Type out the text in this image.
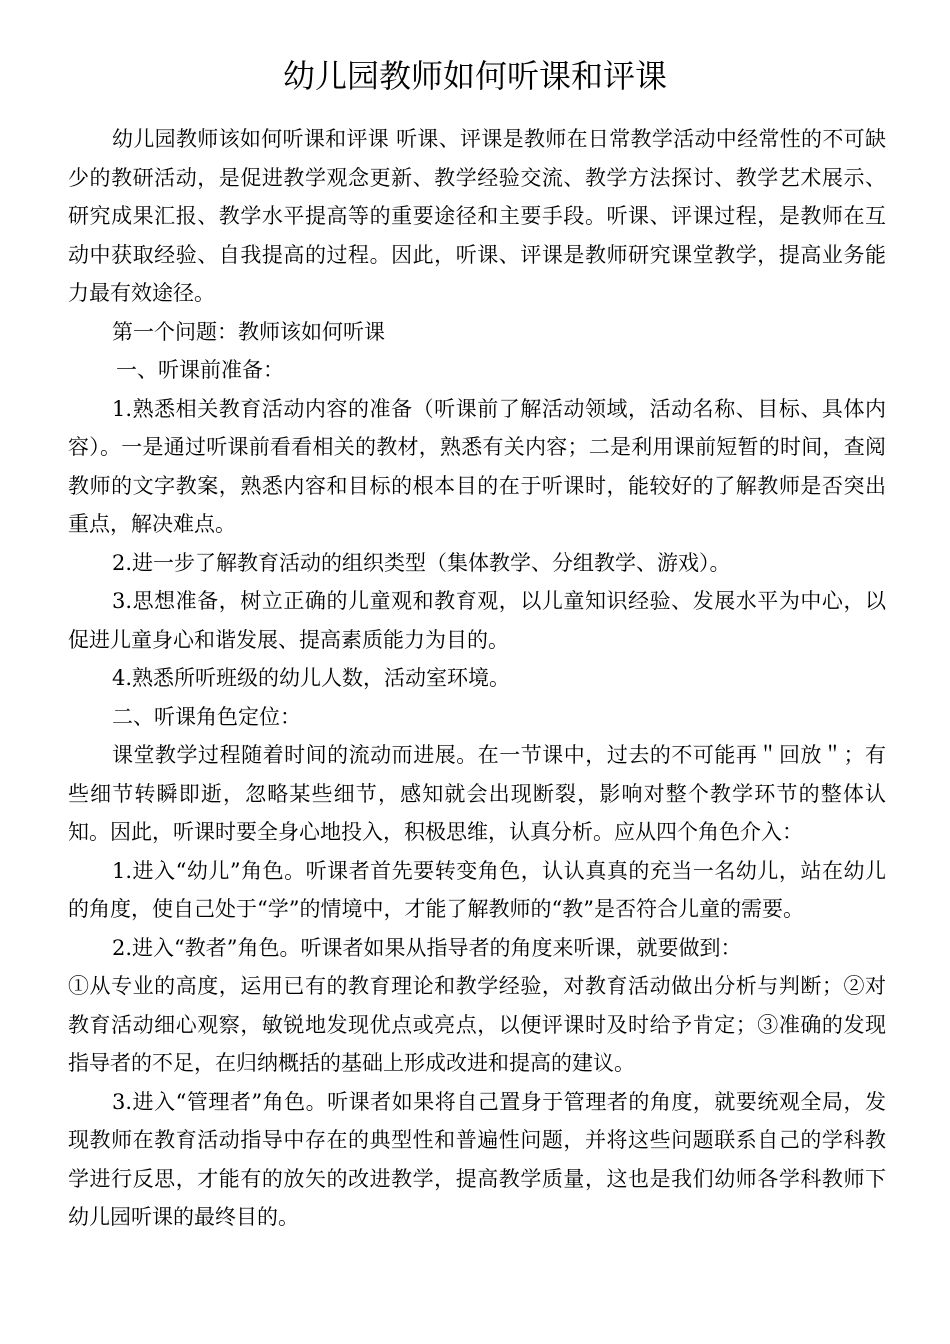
幼儿园教师如何听课和评课

幼儿园教师该如何听课和评课 听课、评课是教师在日常教学活动中经常性的不可缺少的教研活动，是促进教学观念更新、教学经验交流、教学方法探讨、教学艺术展示、研究成果汇报、教学水平提高等的重要途径和主要手段。听课、评课过程，是教师在互动中获取经验、自我提高的过程。因此，听课、评课是教师研究课堂教学，提高业务能力最有效途径。

第一个问题：教师该如何听课

一、听课前准备：

1.熟悉相关教育活动内容的准备（听课前了解活动领域，活动名称、目标、具体内容）。一是通过听课前看看相关的教材，熟悉有关内容；二是利用课前短暂的时间，查阅教师的文字教案，熟悉内容和目标的根本目的在于听课时，能较好的了解教师是否突出重点，解决难点。

2.进一步了解教育活动的组织类型（集体教学、分组教学、游戏）。

3.思想准备，树立正确的儿童观和教育观，以儿童知识经验、发展水平为中心，以促进儿童身心和谐发展、提高素质能力为目的。

4.熟悉所听班级的幼儿人数，活动室环境。

二、听课角色定位：

课堂教学过程随着时间的流动而进展。在一节课中，过去的不可能再＂回放＂；有些细节转瞬即逝，忽略某些细节，感知就会出现断裂，影响对整个教学环节的整体认知。因此，听课时要全身心地投入，积极思维，认真分析。应从四个角色介入：

1.进入“幼儿”角色。听课者首先要转变角色，认认真真的充当一名幼儿，站在幼儿的角度，使自己处于“学”的情境中，才能了解教师的“教”是否符合儿童的需要。

2.进入“教者”角色。听课者如果从指导者的角度来听课，就要做到：

①从专业的高度，运用已有的教育理论和教学经验，对教育活动做出分析与判断；②对教育活动细心观察，敏锐地发现优点或亮点，以便评课时及时给予肯定；③准确的发现指导者的不足，在归纳概括的基础上形成改进和提高的建议。

3.进入“管理者”角色。听课者如果将自己置身于管理者的角度，就要统观全局，发现教师在教育活动指导中存在的典型性和普遍性问题，并将这些问题联系自己的学科教学进行反思，才能有的放矢的改进教学，提高教学质量，这也是我们幼师各学科教师下幼儿园听课的最终目的。
